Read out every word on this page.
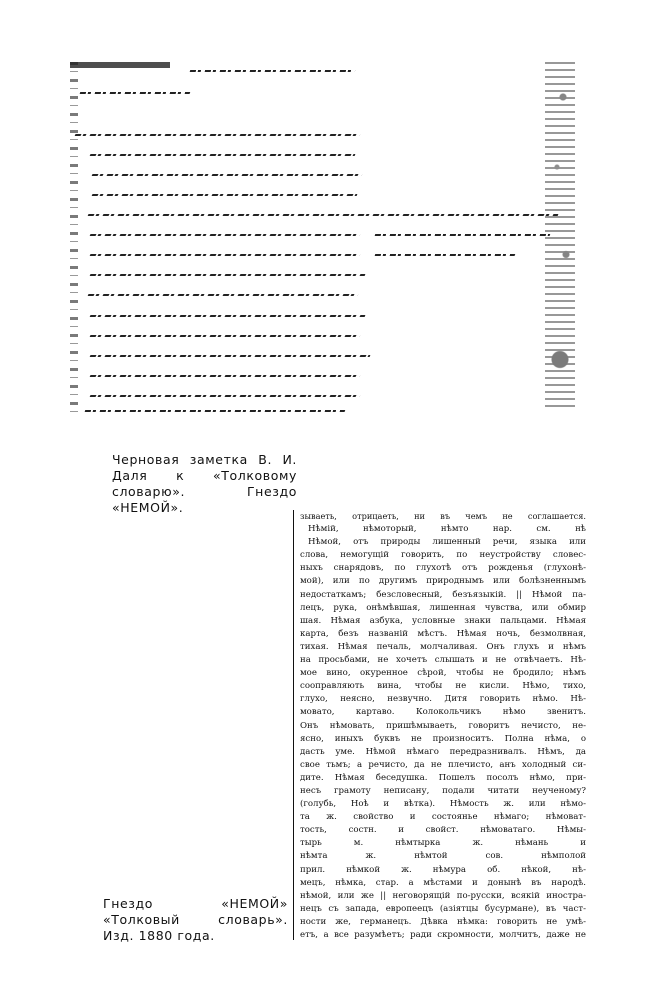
Черновая заметка В. И. Даля к «Толковому словарю». Гнездо «НЕМОЙ».
Гнездо «НЕМОЙ» «Толковый словарь». Изд. 1880 года.
зываеть, отрицаеть, ни въ чемъ не соглашается.
Нѣмій, нѣмоторый, нѣмто нар. см. нѣ
Нѣмой, отъ природы лишенный речи, языка или
слова, немогущій говорить, по неустройству словес-
ныхъ снарядовъ, по глухотѣ отъ рожденья (глухонѣ-
мой), или по другимъ природнымъ или болѣзненнымъ
недостаткамъ; безсловесный, безъязыкій. || Нѣмой па-
лецъ, рука, онѣмѣвшая, лишенная чувства, или обмир
шая. Нѣмая азбука, условные знаки пальцами. Нѣмая
карта, безъ названій мѣстъ. Нѣмая ночь, безмолвная,
тихая. Нѣмая печаль, молчаливая. Онъ глухъ и нѣмъ
на просьбами, не хочетъ слышать и не отвѣчаетъ. Нѣ-
мое вино, окуренное сѣрой, чтобы не бродило; нѣмъ
сооправляють вина, чтобы не кисли. Нѣмо, тихо,
глухо, неясно, незвучно. Дитя говорить нѣмо. Нѣ-
мовато, картаво. Колокольчикъ нѣмо звенитъ.
Онъ нѣмовать, пришѣмываеть, говоритъ нечисто, не-
ясно, иныхъ буквъ не произноситъ. Полна нѣма, о
дасть уме. Нѣмой нѣмаго передразнивалъ. Нѣмъ, да
свое тьмъ; а речисто, да не плечисто, анъ холодный си-
дите. Нѣмая беседушка. Пошелъ посолъ нѣмо, при-
несъ грамоту неписану, подали читати неученому?
(голубь, Ноѣ и вѣтка). Нѣмость ж. или нѣмо-
та ж. свойство и состоянье нѣмаго; нѣмоват-
тость, состн. и свойст. нѣмоватаго. Нѣмы-
тырь м. нѣмтырка ж. нѣмань и
нѣмта ж. нѣмтой сов. нѣмполой
прил. нѣмкой ж. нѣмура об. нѣкой, нѣ-
мецъ, нѣмка, стар. а мѣстами и донынѣ въ народѣ.
нѣмой, или же || неговорящій по-русски, всякій иностра-
нецъ съ запада, европеецъ (азіятцы бусурмане), въ част-
ности же, германецъ. Дѣвка нѣмка: говорить не умѣ-
етъ, а все разумѣетъ; ради скромности, молчитъ, даже не
